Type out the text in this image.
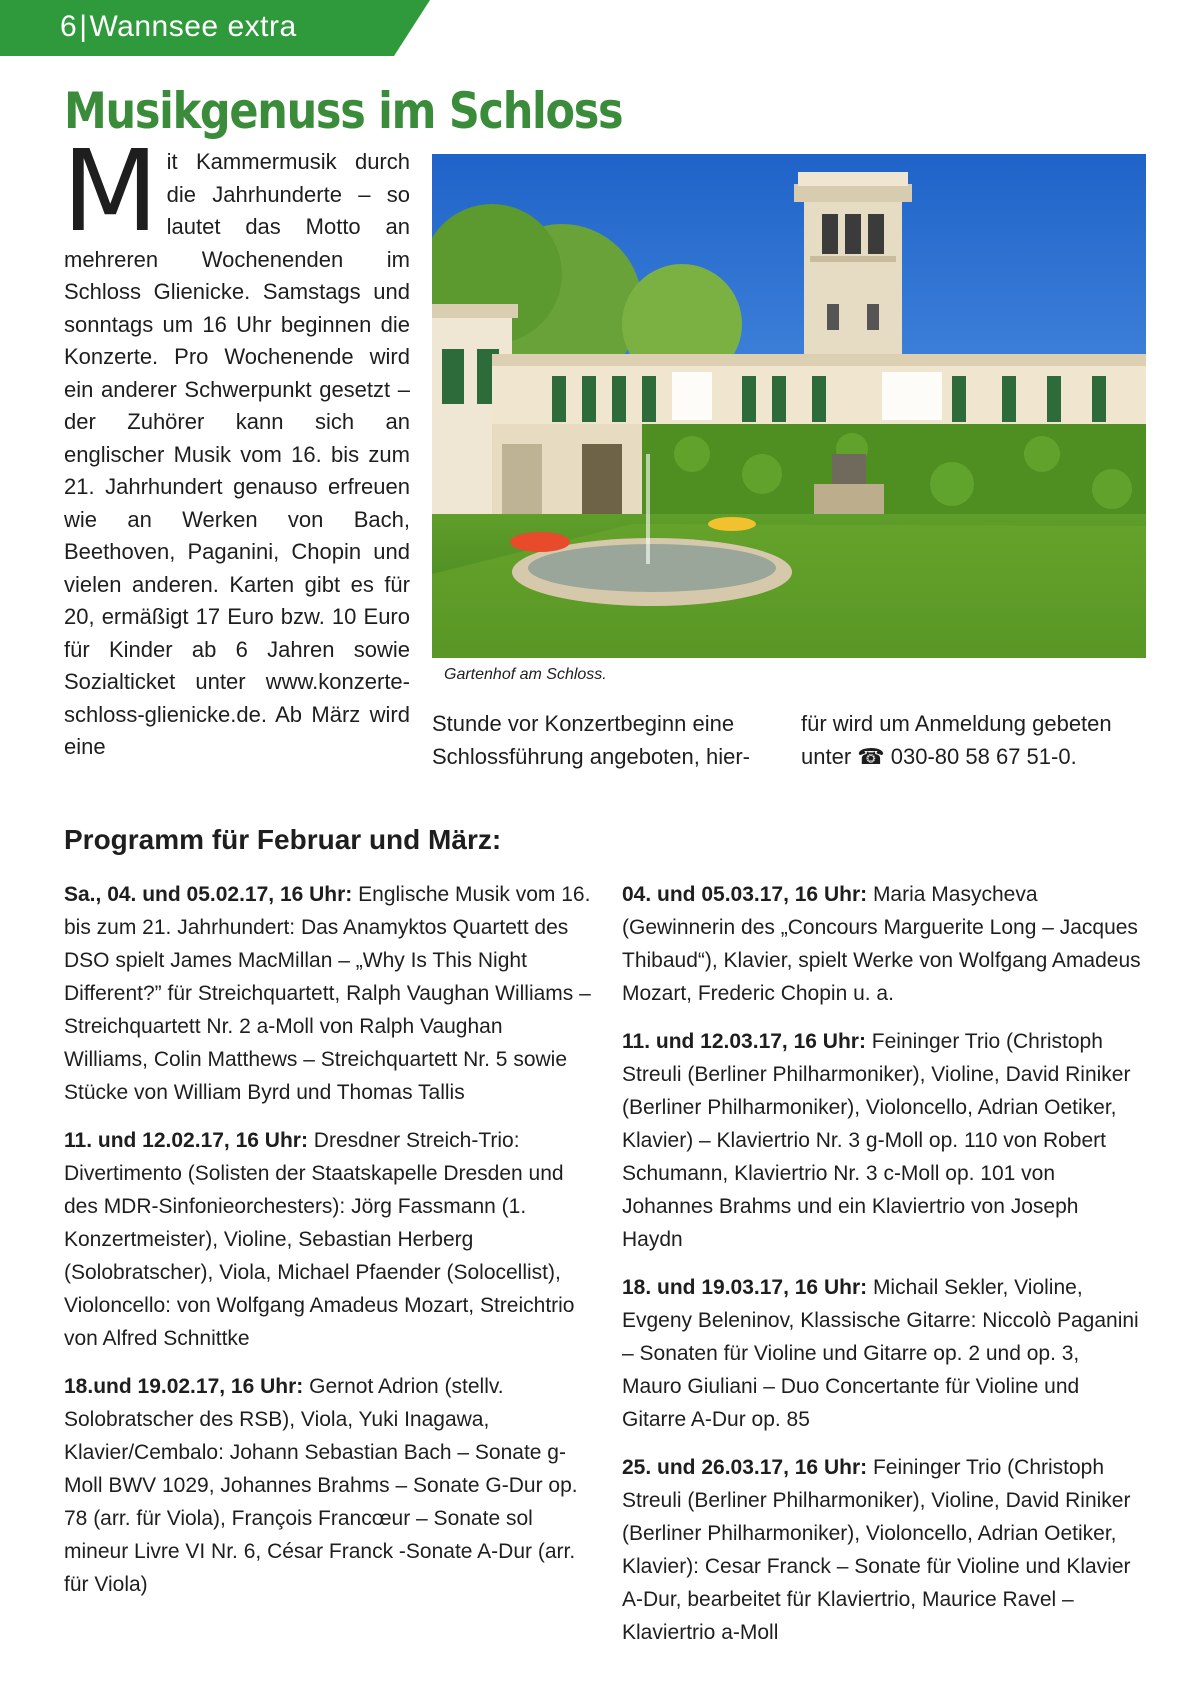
6|Wannsee extra
Musikgenuss im Schloss
M it Kammermusik durch die Jahrhunderte – so lautet das Motto an mehreren Wochenenden im Schloss Glienicke. Samstags und sonntags um 16 Uhr beginnen die Konzerte. Pro Wochenende wird ein anderer Schwerpunkt gesetzt – der Zuhörer kann sich an englischer Musik vom 16. bis zum 21. Jahrhundert genauso erfreuen wie an Werken von Bach, Beethoven, Paganini, Chopin und vielen anderen. Karten gibt es für 20, ermäßigt 17 Euro bzw. 10 Euro für Kinder ab 6 Jahren sowie Sozialticket unter www.konzerte-schloss-glienicke.de. Ab März wird eine
Gartenhof am Schloss.
Stunde vor Konzertbeginn eine Schlossführung angeboten, hier-
für wird um Anmeldung gebeten unter ☎ 030-80 58 67 51-0.
Programm für Februar und März:

Sa., 04. und 05.02.17, 16 Uhr: Englische Musik vom 16. bis zum 21. Jahrhundert: Das Anamyktos Quartett des DSO spielt James MacMillan – „Why Is This Night Different?” für Streichquartett, Ralph Vaughan Williams – Streichquartett Nr. 2 a-Moll von Ralph Vaughan Williams, Colin Matthews – Streichquartett Nr. 5 sowie Stücke von William Byrd und Thomas Tallis

11. und 12.02.17, 16 Uhr: Dresdner Streich-Trio: Divertimento (Solisten der Staatskapelle Dresden und des MDR-Sinfonieorchesters): Jörg Fassmann (1. Konzertmeister), Violine, Sebastian Herberg (Solobratscher), Viola, Michael Pfaender (Solocellist), Violoncello: von Wolfgang Amadeus Mozart, Streichtrio von Alfred Schnittke

18.und 19.02.17, 16 Uhr: Gernot Adrion (stellv. Solobratscher des RSB), Viola, Yuki Inagawa, Klavier/Cembalo: Johann Sebastian Bach – Sonate g-Moll BWV 1029, Johannes Brahms – Sonate G-Dur op. 78 (arr. für Viola), François Francœur – Sonate sol mineur Livre VI Nr. 6, César Franck -Sonate A-Dur (arr. für Viola)

04. und 05.03.17, 16 Uhr: Maria Masycheva (Gewinnerin des „Concours Marguerite Long – Jacques Thibaud“), Klavier, spielt Werke von Wolfgang Amadeus Mozart, Frederic Chopin u. a.

11. und 12.03.17, 16 Uhr: Feininger Trio (Christoph Streuli (Berliner Philharmoniker), Violine, David Riniker (Berliner Philharmoniker), Violoncello, Adrian Oetiker, Klavier) – Klaviertrio Nr. 3 g-Moll op. 110 von Robert Schumann, Klaviertrio Nr. 3 c-Moll op. 101 von Johannes Brahms und ein Klaviertrio von Joseph Haydn

18. und 19.03.17, 16 Uhr: Michail Sekler, Violine, Evgeny Beleninov, Klassische Gitarre: Niccolò Paganini – Sonaten für Violine und Gitarre op. 2 und op. 3, Mauro Giuliani – Duo Concertante für Violine und Gitarre A-Dur op. 85

25. und 26.03.17, 16 Uhr: Feininger Trio (Christoph Streuli (Berliner Philharmoniker), Violine, David Riniker (Berliner Philharmoniker), Violoncello, Adrian Oetiker, Klavier): Cesar Franck – Sonate für Violine und Klavier A-Dur, bearbeitet für Klaviertrio, Maurice Ravel – Klaviertrio a-Moll
